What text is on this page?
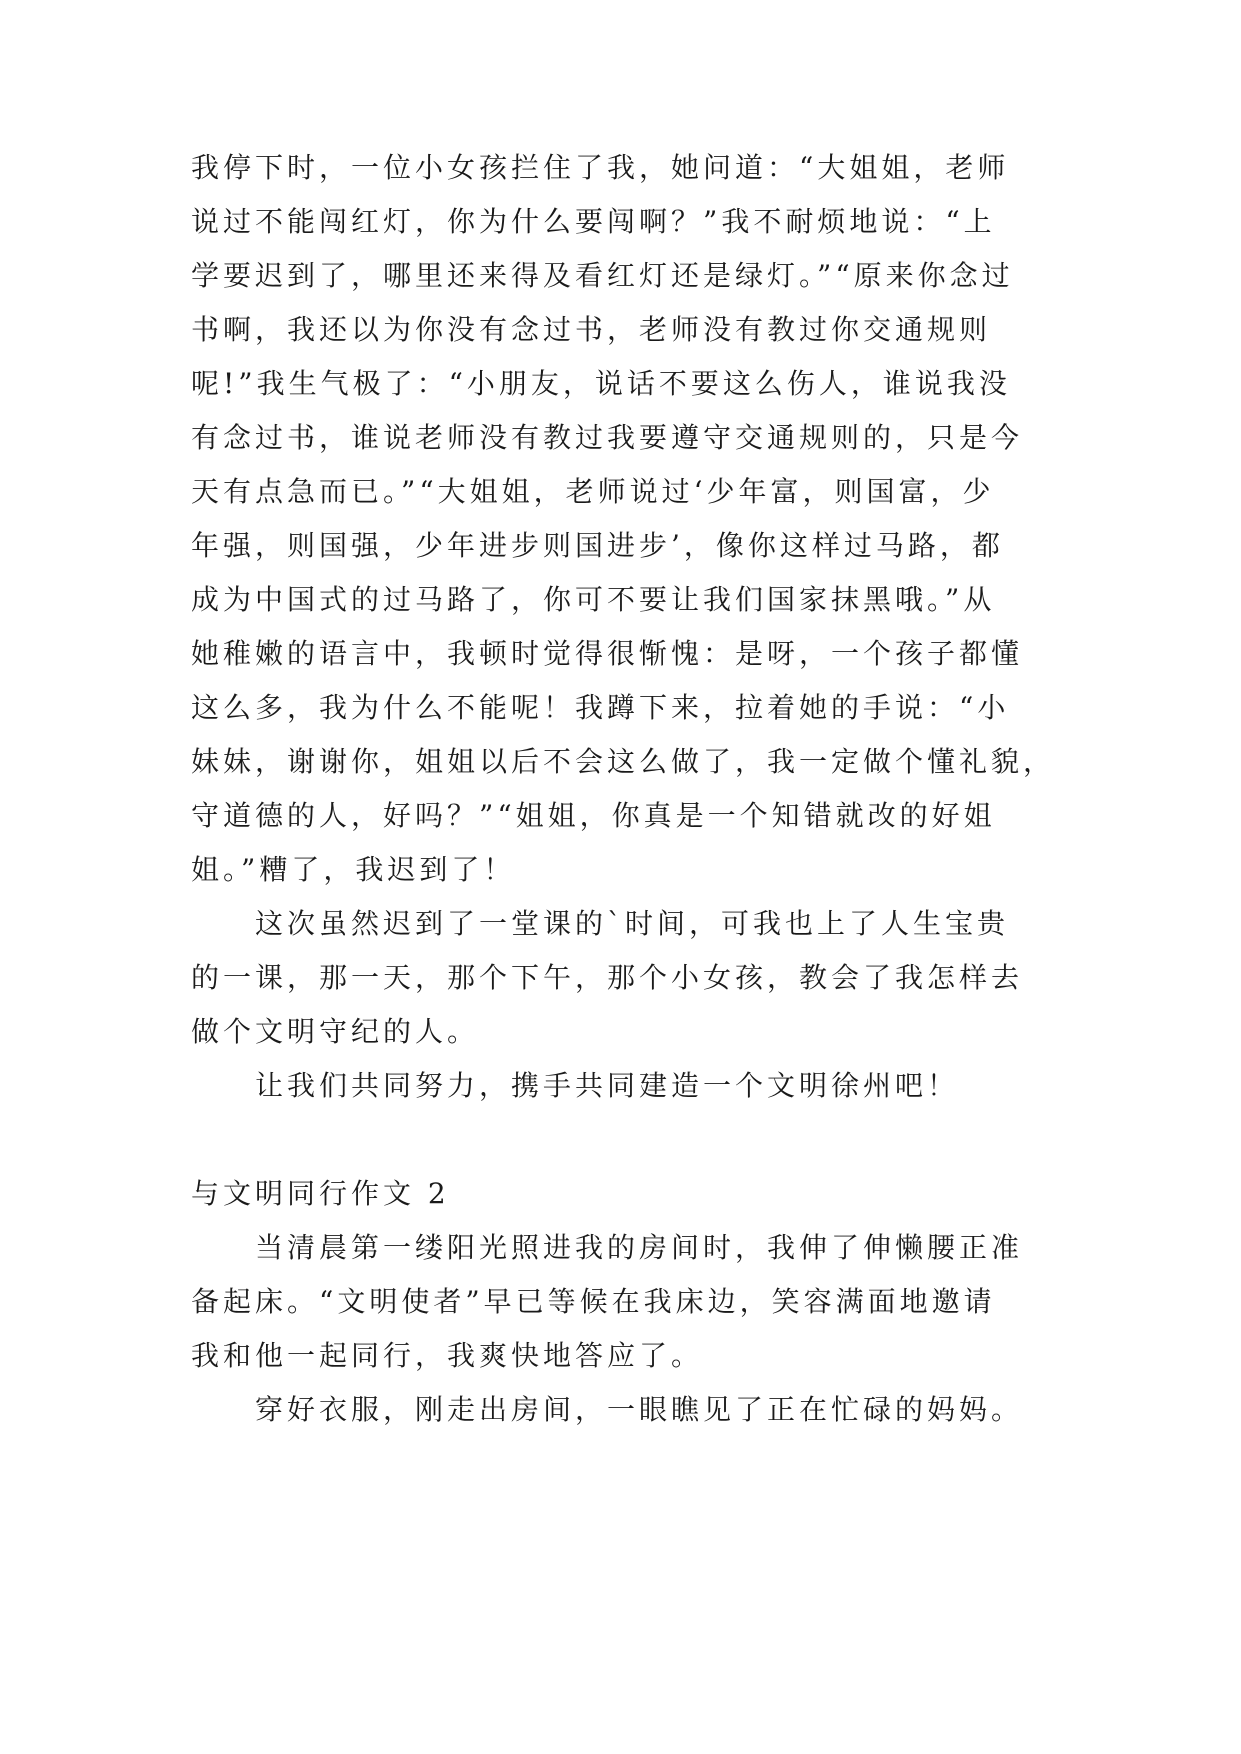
我停下时，一位小女孩拦住了我，她问道：“大姐姐，老师
说过不能闯红灯，你为什么要闯啊？”我不耐烦地说：“上
学要迟到了，哪里还来得及看红灯还是绿灯。”“原来你念过
书啊，我还以为你没有念过书，老师没有教过你交通规则
呢!”我生气极了：“小朋友，说话不要这么伤人，谁说我没
有念过书，谁说老师没有教过我要遵守交通规则的，只是今
天有点急而已。”“大姐姐，老师说过‘少年富，则国富，少
年强，则国强，少年进步则国进步’，像你这样过马路，都
成为中国式的过马路了，你可不要让我们国家抹黑哦。”从
她稚嫩的语言中，我顿时觉得很惭愧：是呀，一个孩子都懂
这么多，我为什么不能呢！我蹲下来，拉着她的手说：“小
妹妹，谢谢你，姐姐以后不会这么做了，我一定做个懂礼貌，
守道德的人，好吗？”“姐姐，你真是一个知错就改的好姐
姐。”糟了，我迟到了！
这次虽然迟到了一堂课的`时间，可我也上了人生宝贵
的一课，那一天，那个下午，那个小女孩，教会了我怎样去
做个文明守纪的人。
让我们共同努力，携手共同建造一个文明徐州吧！
与文明同行作文 2
当清晨第一缕阳光照进我的房间时，我伸了伸懒腰正准
备起床。“文明使者”早已等候在我床边，笑容满面地邀请
我和他一起同行，我爽快地答应了。
穿好衣服，刚走出房间，一眼瞧见了正在忙碌的妈妈。
